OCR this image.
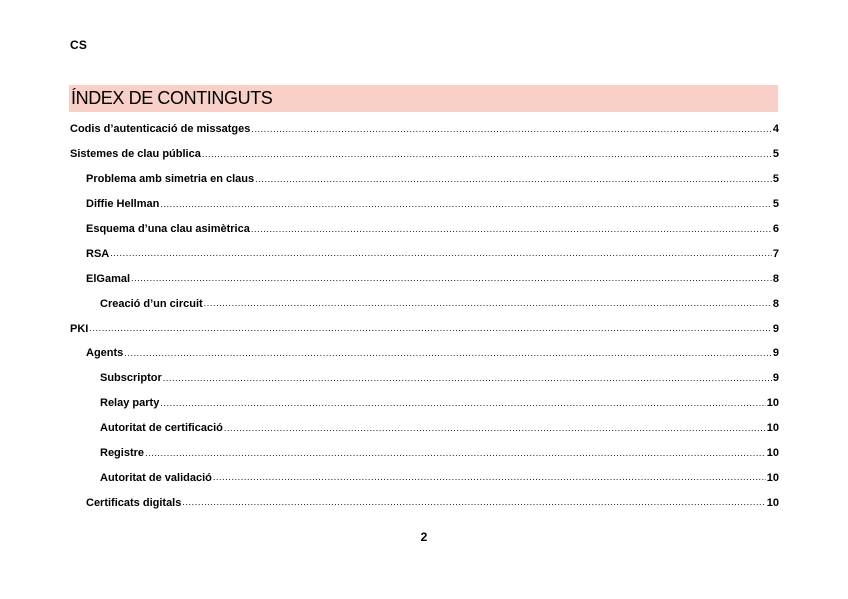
CS
ÍNDEX DE CONTINGUTS
Codis d’autenticació de missatges .....	4
Sistemes de clau pública .....	5
Problema amb simetria en claus .....	5
Diffie Hellman .....	5
Esquema d’una clau asimètrica .....	6
RSA .....	7
ElGamal .....	8
Creació d’un circuit .....	8
PKI .....	9
Agents .....	9
Subscriptor .....	9
Relay party .....	10
Autoritat de certificació .....	10
Registre .....	10
Autoritat de validació .....	10
Certificats digitals .....	10
2
